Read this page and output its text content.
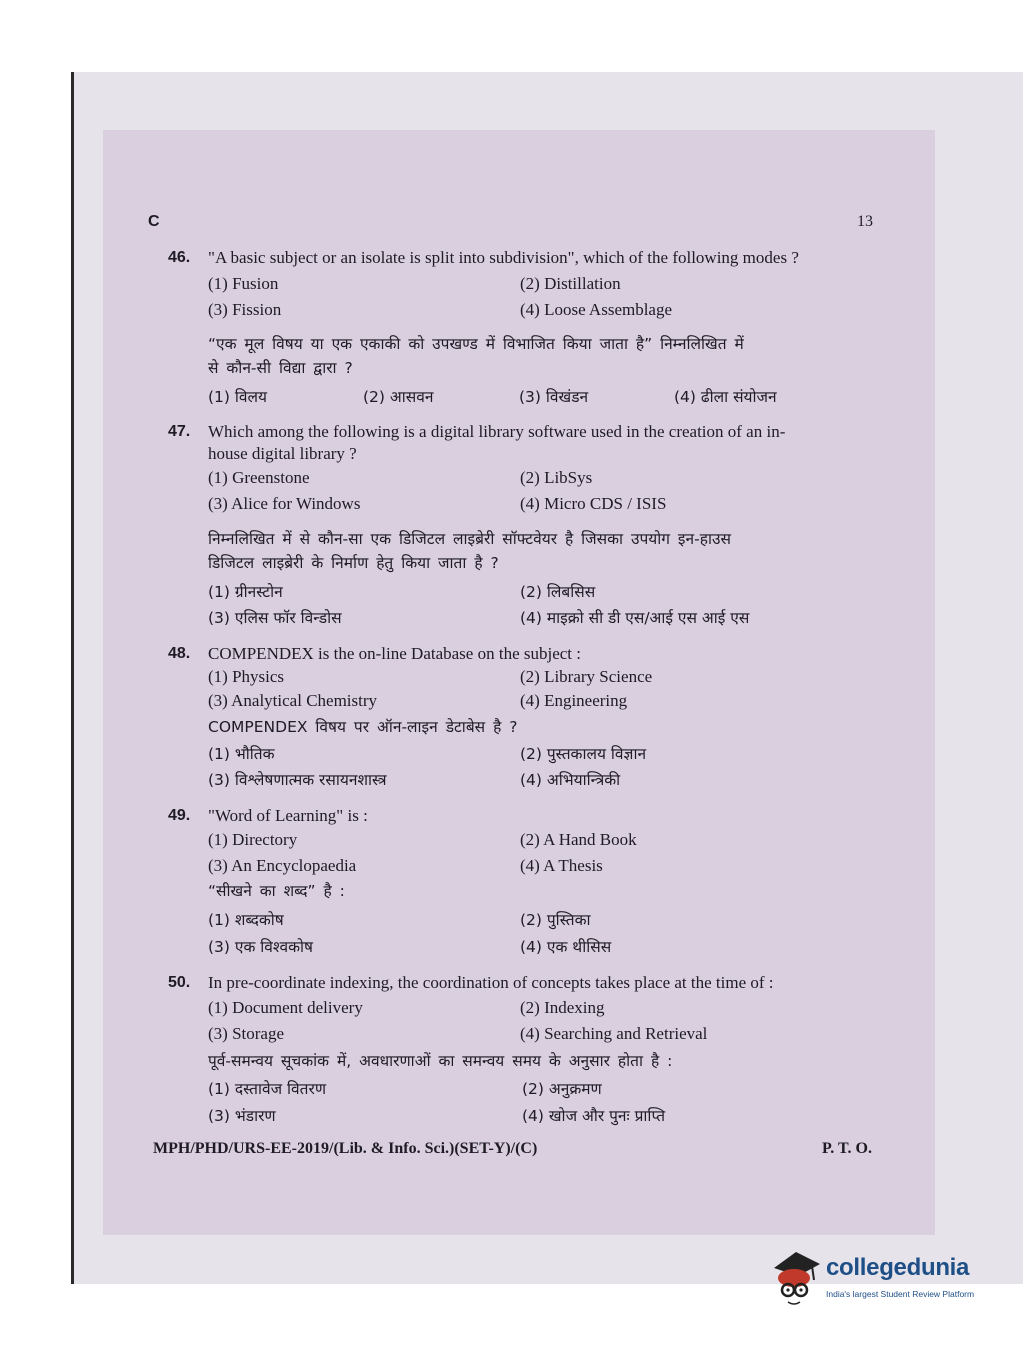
C	13
46. "A basic subject or an isolate is split into subdivision", which of the following modes ?
(1) Fusion	(2) Distillation
(3) Fission	(4) Loose Assemblage
“एक मूल विषय या एक एकाकी को उपखण्ड में विभाजित किया जाता है” निम्नलिखित में
से कौन-सी विद्या द्वारा ?
(1) विलय	(2) आसवन	(3) विखंडन	(4) ढीला संयोजन
47. Which among the following is a digital library software used in the creation of an in-
house digital library ?
(1) Greenstone	(2) LibSys
(3) Alice for Windows	(4) Micro CDS / ISIS
निम्नलिखित में से कौन-सा एक डिजिटल लाइब्रेरी सॉफ्टवेयर है जिसका उपयोग इन-हाउस
डिजिटल लाइब्रेरी के निर्माण हेतु किया जाता है ?
(1) ग्रीनस्टोन	(2) लिबसिस
(3) एलिस फॉर विन्डोस	(4) माइक्रो सी डी एस/आई एस आई एस
48. COMPENDEX is the on-line Database on the subject :
(1) Physics	(2) Library Science
(3) Analytical Chemistry	(4) Engineering
COMPENDEX विषय पर ऑन-लाइन डेटाबेस है ?
(1) भौतिक	(2) पुस्तकालय विज्ञान
(3) विश्लेषणात्मक रसायनशास्त्र	(4) अभियान्त्रिकी
49. "Word of Learning" is :
(1) Directory	(2) A Hand Book
(3) An Encyclopaedia	(4) A Thesis
“सीखने का शब्द” है :
(1) शब्दकोष	(2) पुस्तिका
(3) एक विश्वकोष	(4) एक थीसिस
50. In pre-coordinate indexing, the coordination of concepts takes place at the time of :
(1) Document delivery	(2) Indexing
(3) Storage	(4) Searching and Retrieval
पूर्व-समन्वय सूचकांक में, अवधारणाओं का समन्वय समय के अनुसार होता है :
(1) दस्तावेज वितरण	(2) अनुक्रमण
(3) भंडारण	(4) खोज और पुनः प्राप्ति
MPH/PHD/URS-EE-2019/(Lib. & Info. Sci.)(SET-Y)/(C)	P. T. O.
collegedunia
India's largest Student Review Platform
